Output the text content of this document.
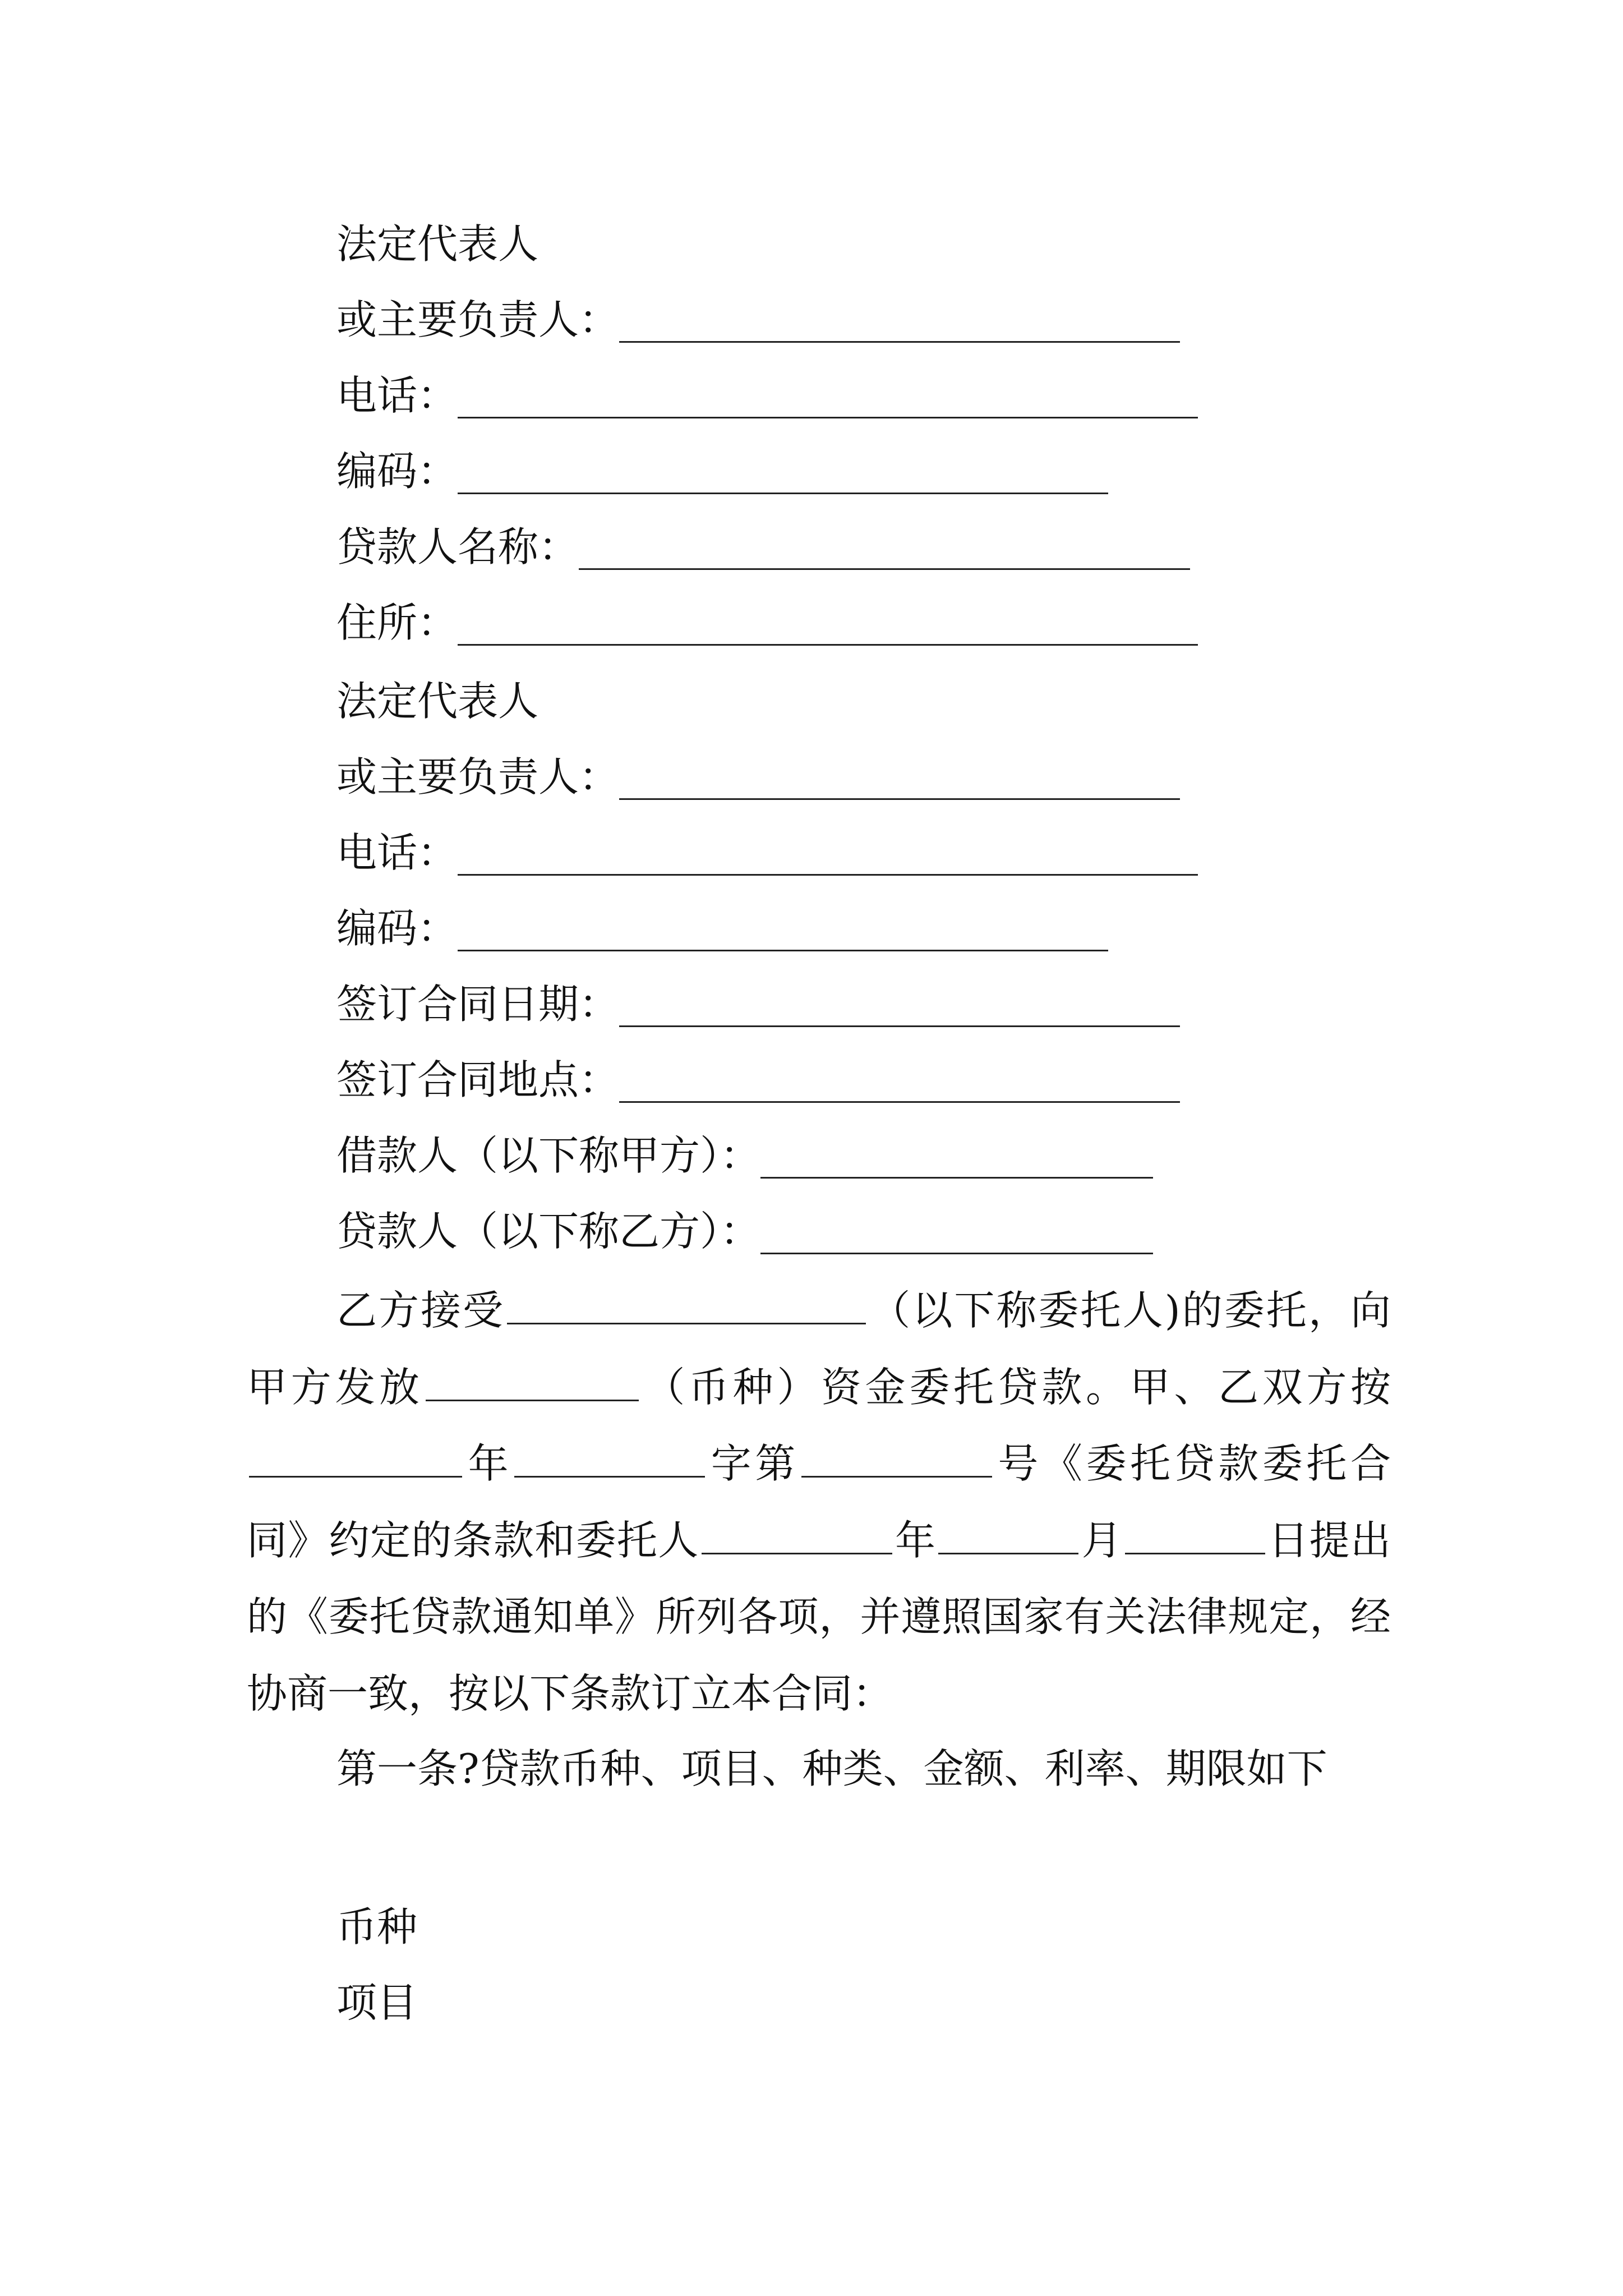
法定代表人
或主要负责人：
电话：
编码：
贷款人名称：
住所：
法定代表人
或主要负责人：
电话：
编码：
签订合同日期：
签订合同地点：
借款人（以下称甲方）：
贷款人（以下称乙方）：
乙方接受	（以下称委托人)的委托，向甲方发放	（币种）资金委托贷款。甲、乙双方按年	字第	号《委托贷款委托合同》约定的条款和委托人	年	月	日提出的《委托贷款通知单》所列各项，并遵照国家有关法律规定，经协商一致，按以下条款订立本合同：
第一条?贷款币种、项目、种类、金额、利率、期限如下
币种
项目
